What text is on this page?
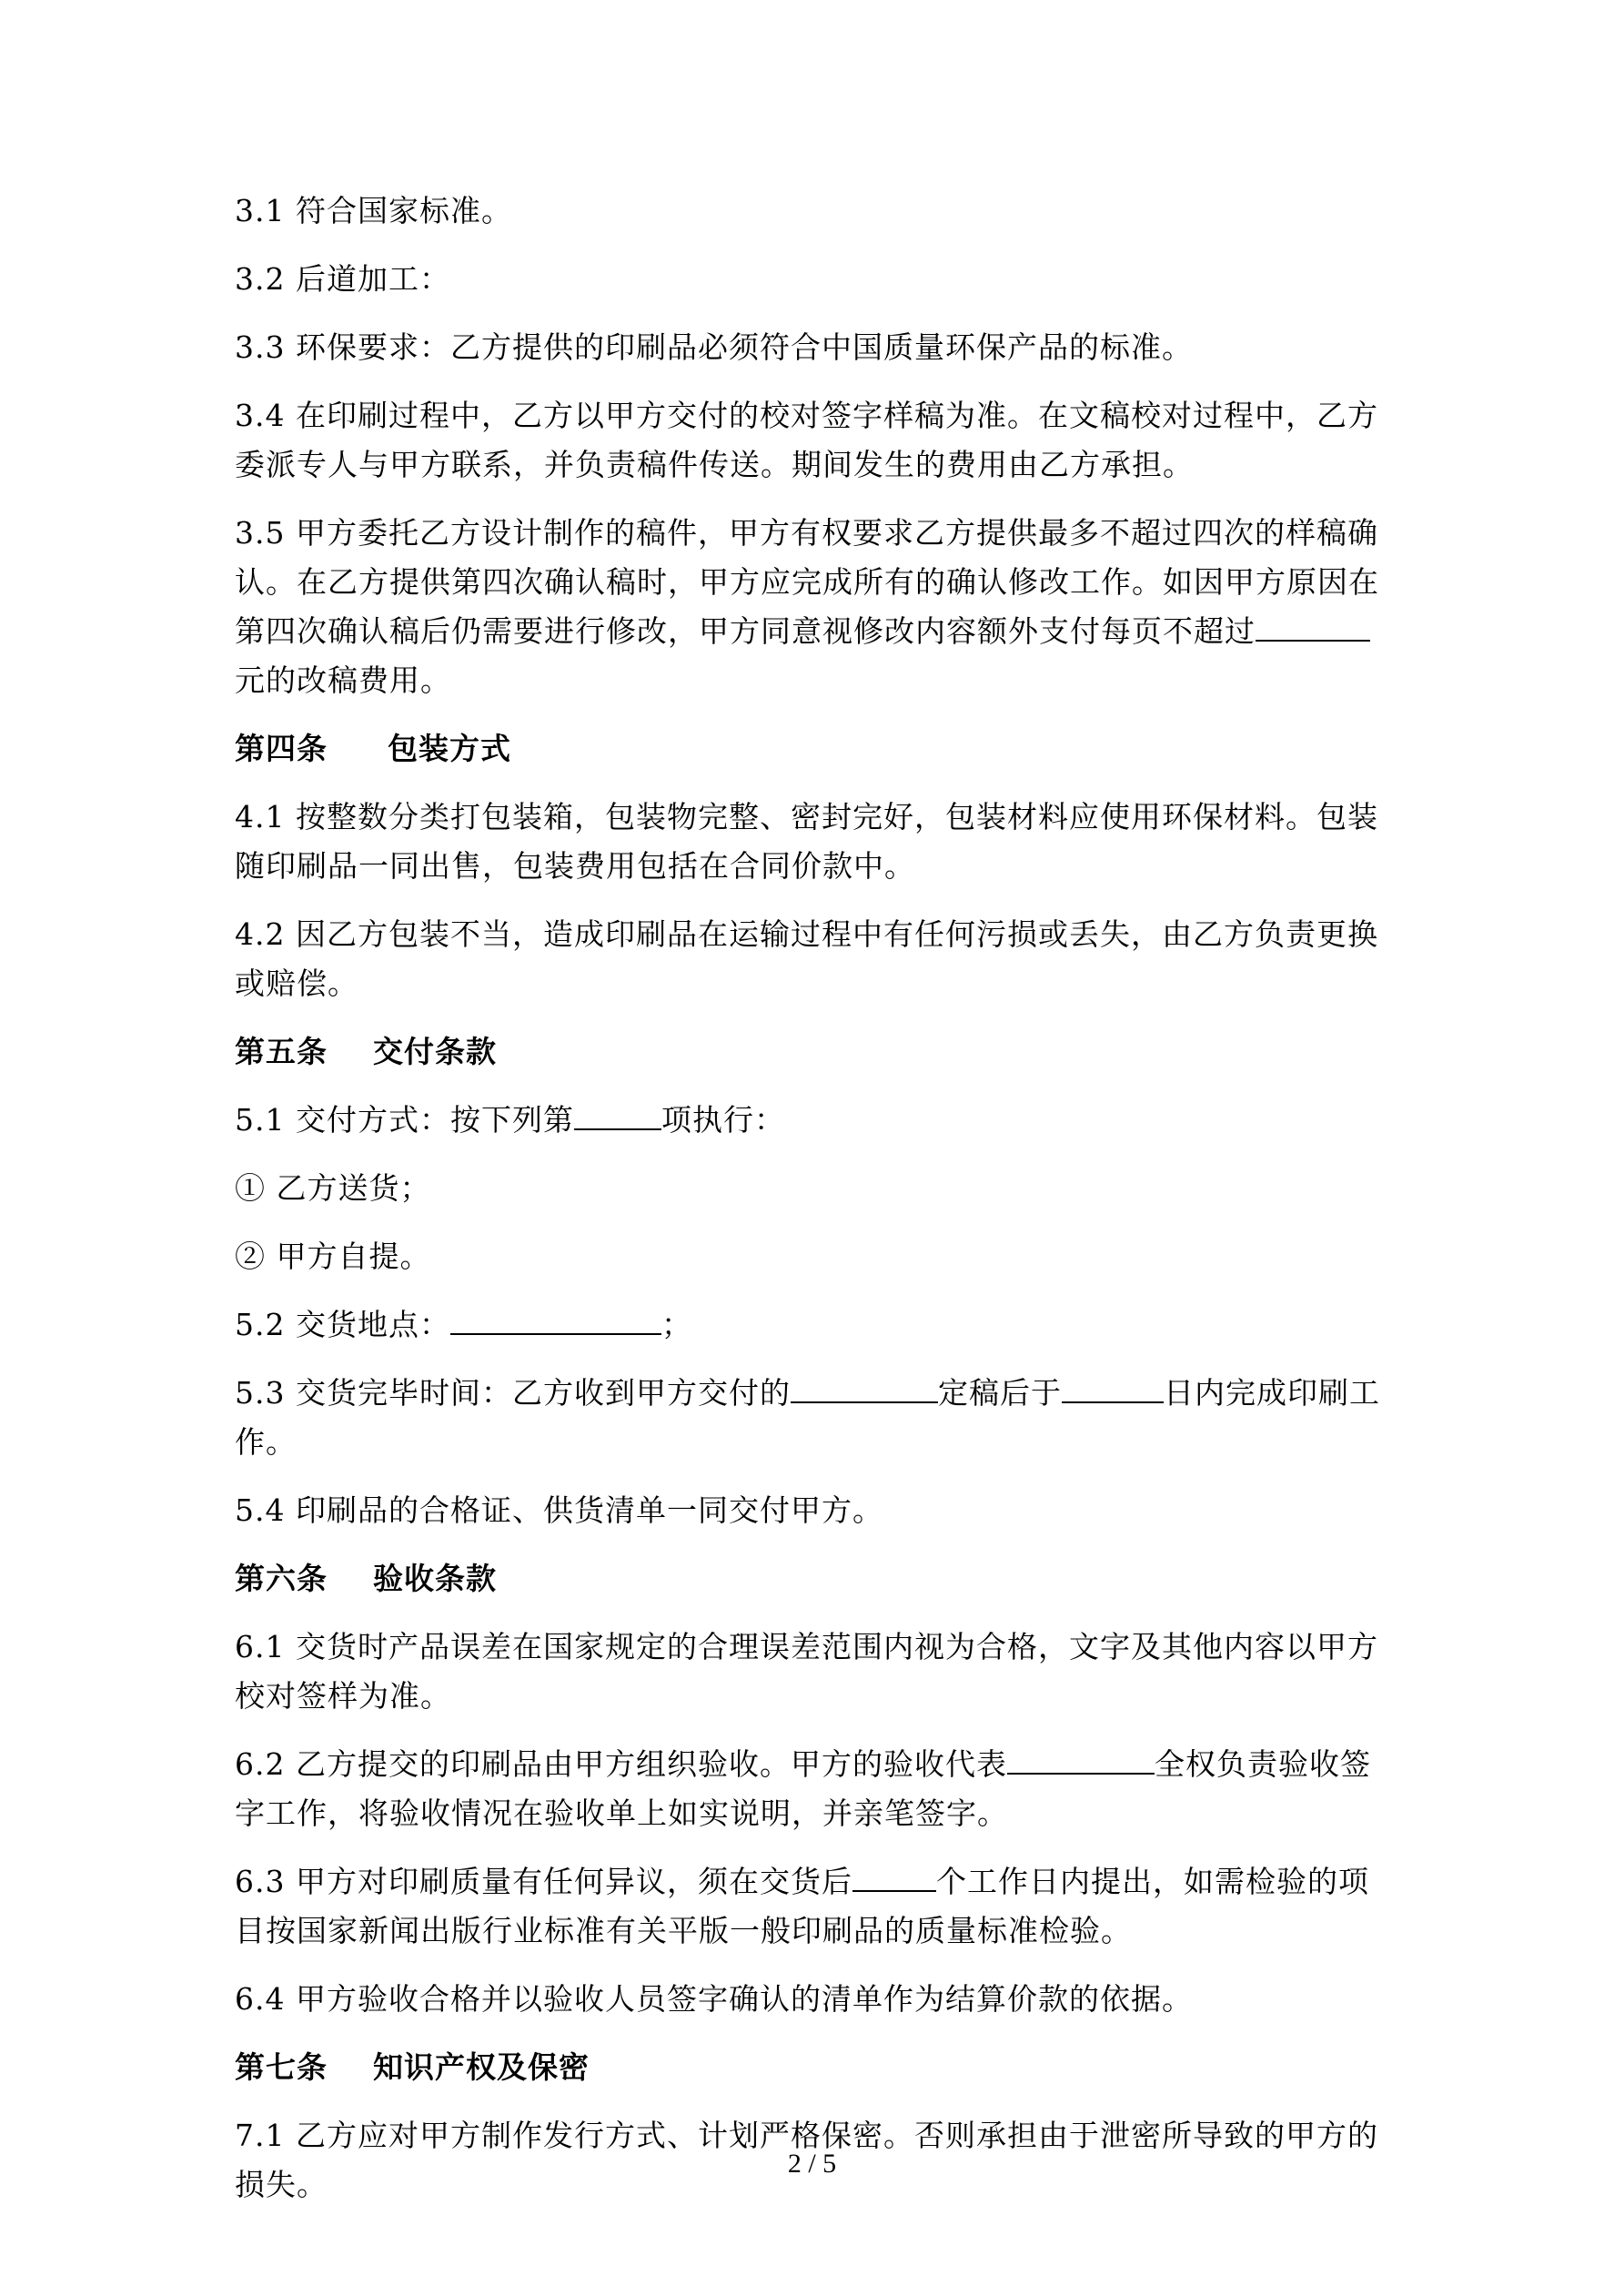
3.1 符合国家标准。

3.2 后道加工：

3.3 环保要求：乙方提供的印刷品必须符合中国质量环保产品的标准。

3.4 在印刷过程中，乙方以甲方交付的校对签字样稿为准。在文稿校对过程中，乙方委派专人与甲方联系，并负责稿件传送。期间发生的费用由乙方承担。

3.5 甲方委托乙方设计制作的稿件，甲方有权要求乙方提供最多不超过四次的样稿确认。在乙方提供第四次确认稿时，甲方应完成所有的确认修改工作。如因甲方原因在第四次确认稿后仍需要进行修改，甲方同意视修改内容额外支付每页不超过元的改稿费用。

第四条 包装方式

4.1 按整数分类打包装箱，包装物完整、密封完好，包装材料应使用环保材料。包装随印刷品一同出售，包装费用包括在合同价款中。

4.2 因乙方包装不当，造成印刷品在运输过程中有任何污损或丢失，由乙方负责更换或赔偿。

第五条 交付条款

5.1 交付方式：按下列第	项执行：

① 乙方送货；

② 甲方自提。

5.2 交货地点：	；

5.3 交货完毕时间：乙方收到甲方交付的	定稿后于	日内完成印刷工作。

5.4 印刷品的合格证、供货清单一同交付甲方。

第六条 验收条款

6.1 交货时产品误差在国家规定的合理误差范围内视为合格，文字及其他内容以甲方校对签样为准。

6.2 乙方提交的印刷品由甲方组织验收。甲方的验收代表	全权负责验收签字工作，将验收情况在验收单上如实说明，并亲笔签字。

6.3 甲方对印刷质量有任何异议，须在交货后	个工作日内提出，如需检验的项目按国家新闻出版行业标准有关平版一般印刷品的质量标准检验。

6.4 甲方验收合格并以验收人员签字确认的清单作为结算价款的依据。

第七条 知识产权及保密

7.1 乙方应对甲方制作发行方式、计划严格保密。否则承担由于泄密所导致的甲方的损失。

2 / 5
